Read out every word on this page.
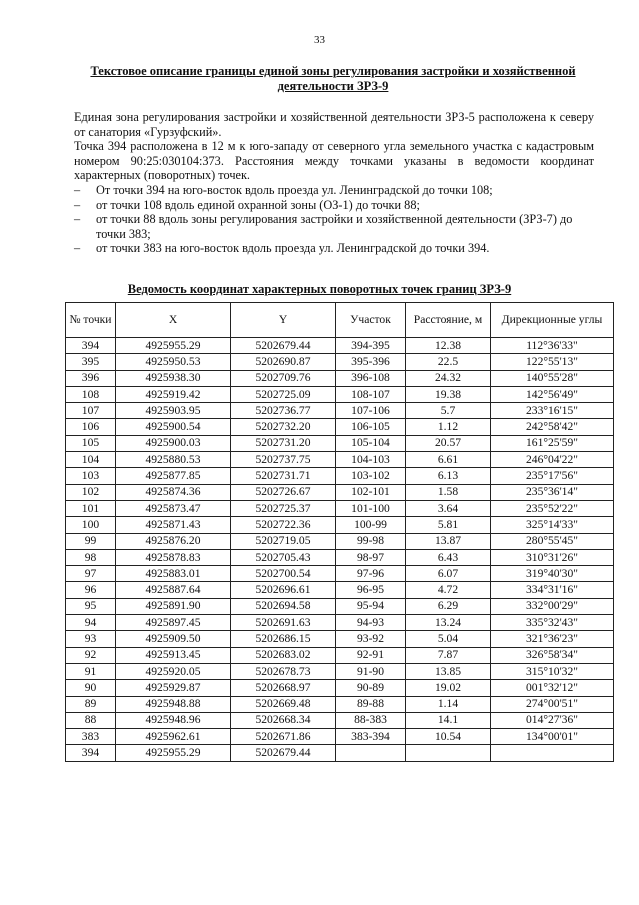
33
Текстовое описание границы единой зоны регулирования застройки и хозяйственной деятельности ЗРЗ-9

Единая зона регулирования застройки и хозяйственной деятельности ЗРЗ-5 расположена к северу от санатория «Гурзуфский».

Точка 394 расположена в 12 м к юго-западу от северного угла земельного участка с кадастровым номером 90:25:030104:373. Расстояния между точками указаны в ведомости координат характерных (поворотных) точек.

– От точки 394 на юго-восток вдоль проезда ул. Ленинградской до точки 108;
– от точки 108 вдоль единой охранной зоны (ОЗ-1) до точки 88;
– от точки 88 вдоль зоны регулирования застройки и хозяйственной деятельности (ЗРЗ-7) до точки 383;
– от точки 383 на юго-восток вдоль проезда ул. Ленинградской до точки 394.
Ведомость координат характерных поворотных точек границ ЗРЗ-9
№ точки	X	Y	Участок	Расстояние, м	Дирекционные углы
394	4925955.29	5202679.44	394-395	12.38	112°36'33"
395	4925950.53	5202690.87	395-396	22.5	122°55'13"
396	4925938.30	5202709.76	396-108	24.32	140°55'28"
108	4925919.42	5202725.09	108-107	19.38	142°56'49"
107	4925903.95	5202736.77	107-106	5.7	233°16'15"
106	4925900.54	5202732.20	106-105	1.12	242°58'42"
105	4925900.03	5202731.20	105-104	20.57	161°25'59"
104	4925880.53	5202737.75	104-103	6.61	246°04'22"
103	4925877.85	5202731.71	103-102	6.13	235°17'56"
102	4925874.36	5202726.67	102-101	1.58	235°36'14"
101	4925873.47	5202725.37	101-100	3.64	235°52'22"
100	4925871.43	5202722.36	100-99	5.81	325°14'33"
99	4925876.20	5202719.05	99-98	13.87	280°55'45"
98	4925878.83	5202705.43	98-97	6.43	310°31'26"
97	4925883.01	5202700.54	97-96	6.07	319°40'30"
96	4925887.64	5202696.61	96-95	4.72	334°31'16"
95	4925891.90	5202694.58	95-94	6.29	332°00'29"
94	4925897.45	5202691.63	94-93	13.24	335°32'43"
93	4925909.50	5202686.15	93-92	5.04	321°36'23"
92	4925913.45	5202683.02	92-91	7.87	326°58'34"
91	4925920.05	5202678.73	91-90	13.85	315°10'32"
90	4925929.87	5202668.97	90-89	19.02	001°32'12"
89	4925948.88	5202669.48	89-88	1.14	274°00'51"
88	4925948.96	5202668.34	88-383	14.1	014°27'36"
383	4925962.61	5202671.86	383-394	10.54	134°00'01"
394	4925955.29	5202679.44			
